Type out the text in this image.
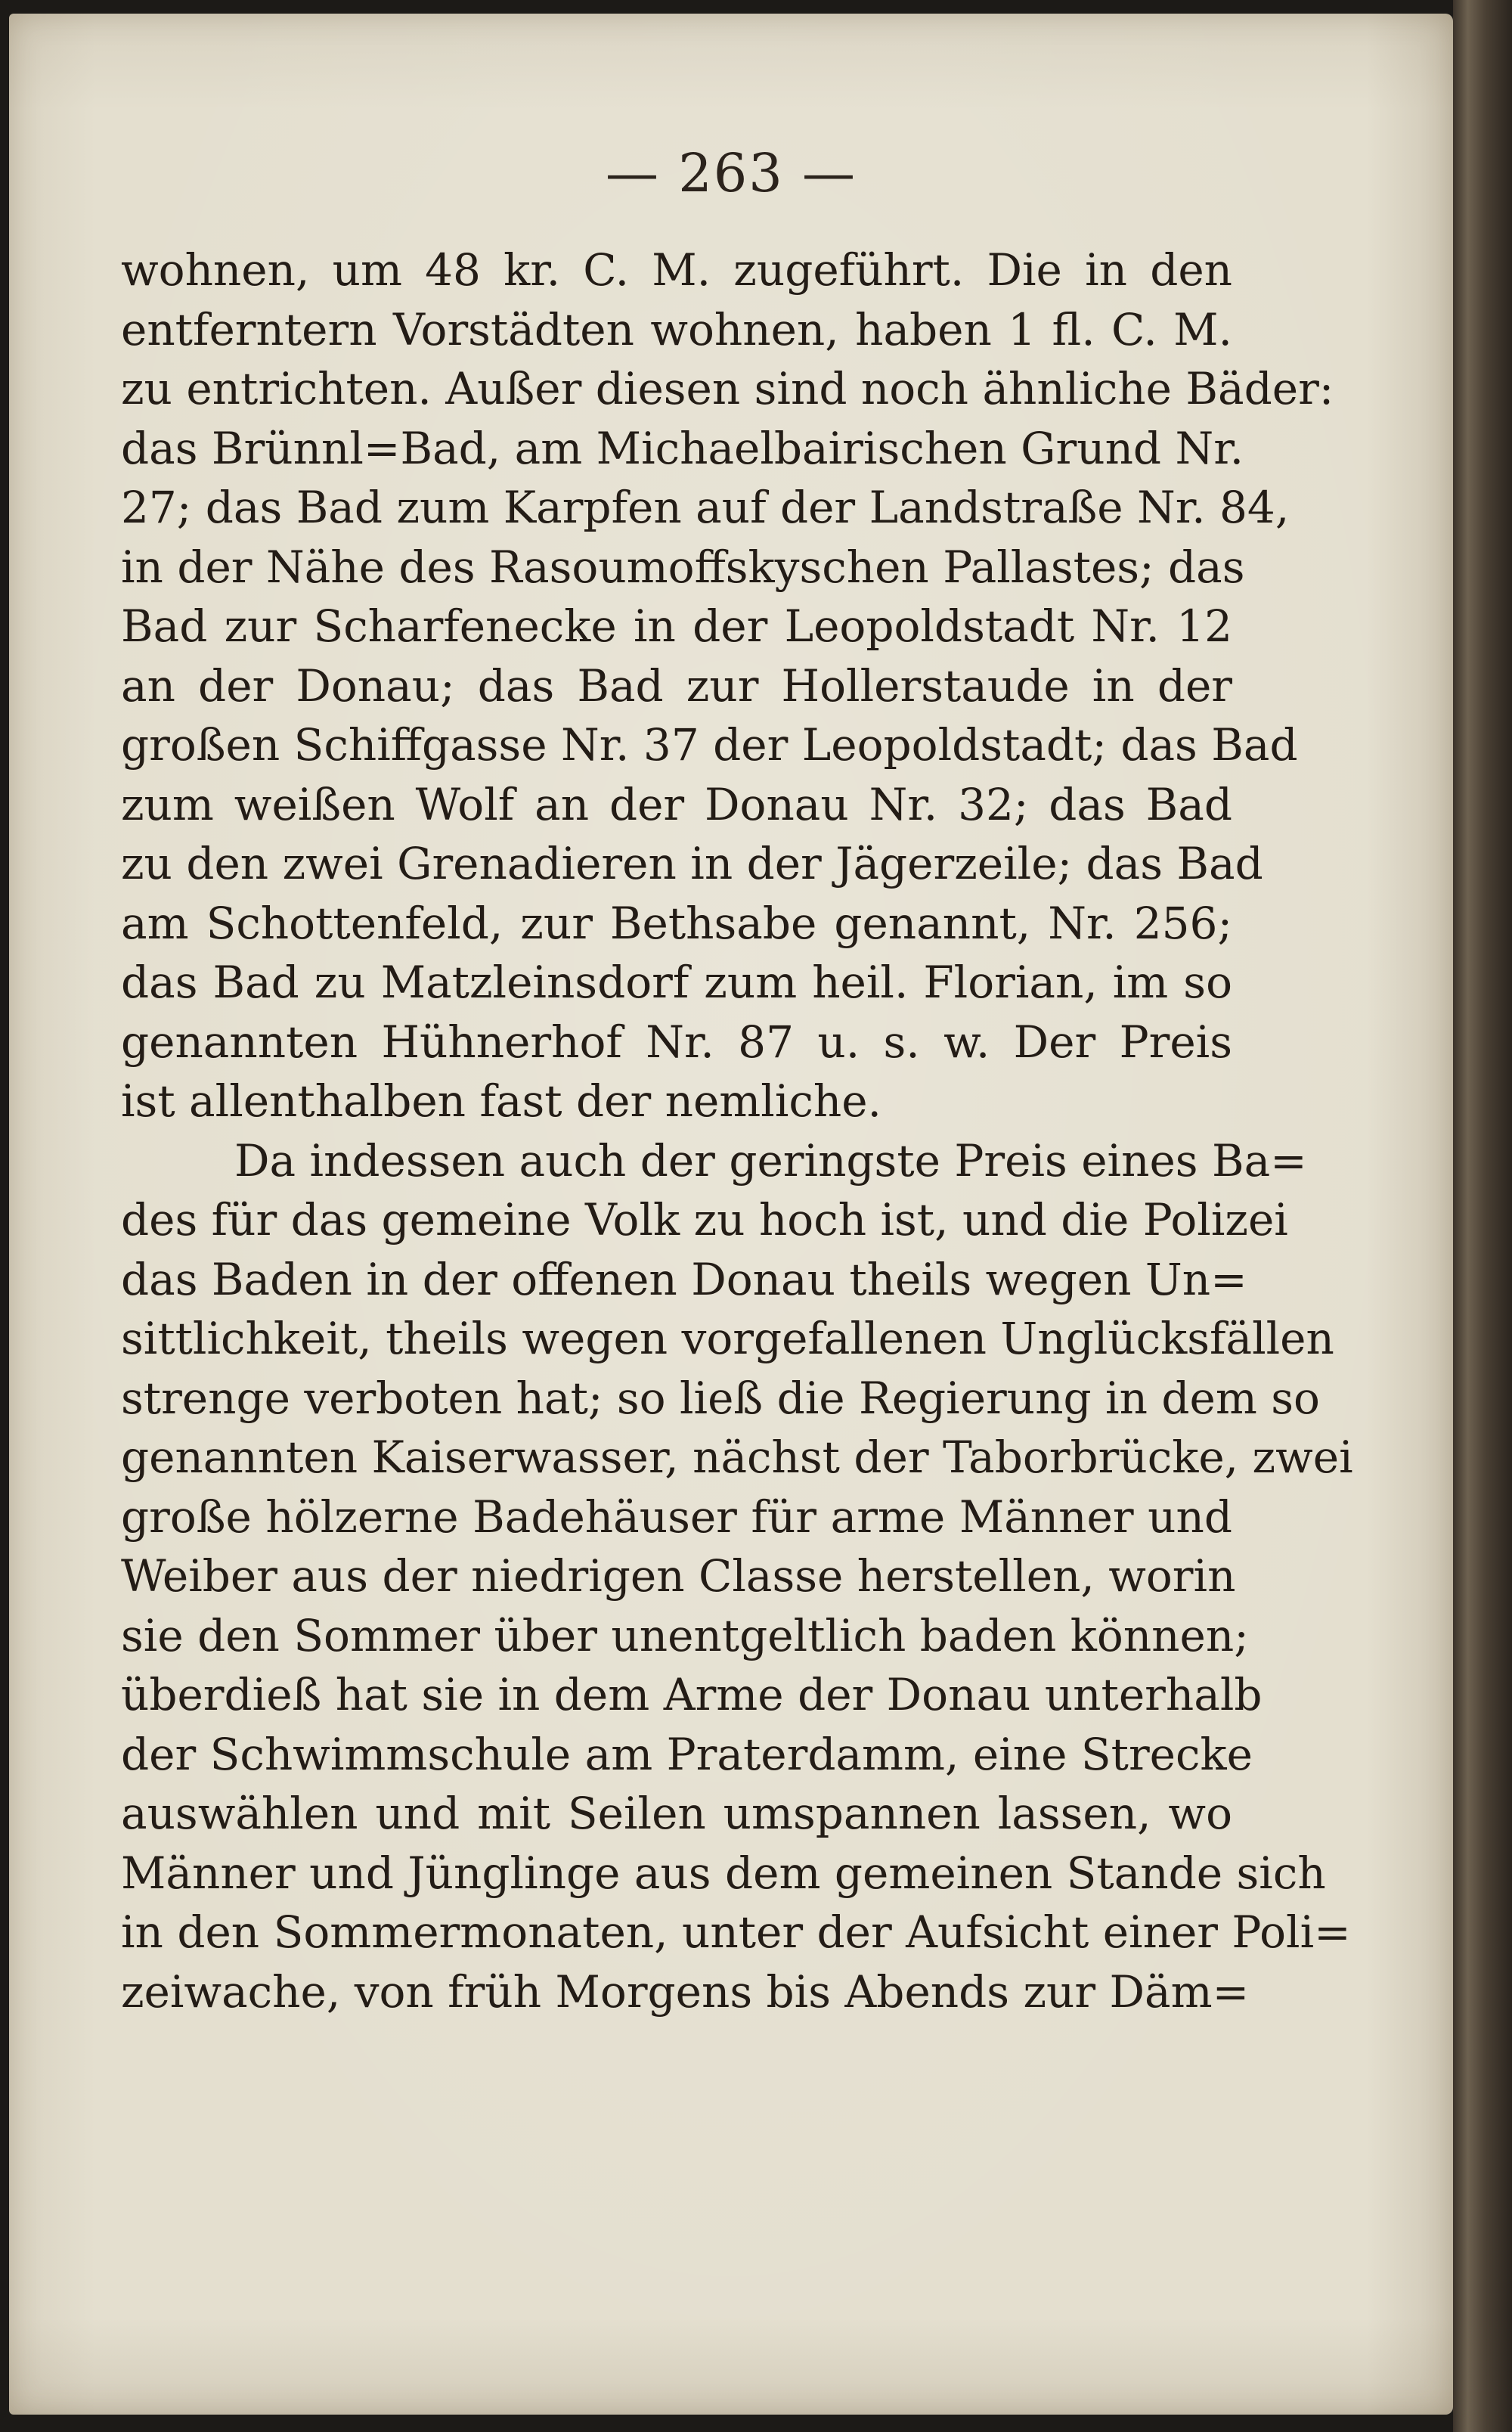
— 263 —
wohnen, um 48 kr. C. M. zugeführt. Die in den
entferntern Vorstädten wohnen, haben 1 fl. C. M.
zu entrichten. Außer diesen sind noch ähnliche Bäder:
das Brünnl=Bad, am Michaelbairischen Grund Nr.
27; das Bad zum Karpfen auf der Landstraße Nr. 84,
in der Nähe des Rasoumoffskyschen Pallastes; das
Bad zur Scharfenecke in der Leopoldstadt Nr. 12
an der Donau; das Bad zur Hollerstaude in der
großen Schiffgasse Nr. 37 der Leopoldstadt; das Bad
zum weißen Wolf an der Donau Nr. 32; das Bad
zu den zwei Grenadieren in der Jägerzeile; das Bad
am Schottenfeld, zur Bethsabe genannt, Nr. 256;
das Bad zu Matzleinsdorf zum heil. Florian, im so
genannten Hühnerhof Nr. 87 u. s. w. Der Preis
ist allenthalben fast der nemliche.
Da indessen auch der geringste Preis eines Ba=
des für das gemeine Volk zu hoch ist, und die Polizei
das Baden in der offenen Donau theils wegen Un=
sittlichkeit, theils wegen vorgefallenen Unglücksfällen
strenge verboten hat; so ließ die Regierung in dem so
genannten Kaiserwasser, nächst der Taborbrücke, zwei
große hölzerne Badehäuser für arme Männer und
Weiber aus der niedrigen Classe herstellen, worin
sie den Sommer über unentgeltlich baden können;
überdieß hat sie in dem Arme der Donau unterhalb
der Schwimmschule am Praterdamm, eine Strecke
auswählen und mit Seilen umspannen lassen, wo
Männer und Jünglinge aus dem gemeinen Stande sich
in den Sommermonaten, unter der Aufsicht einer Poli=
zeiwache, von früh Morgens bis Abends zur Däm=
